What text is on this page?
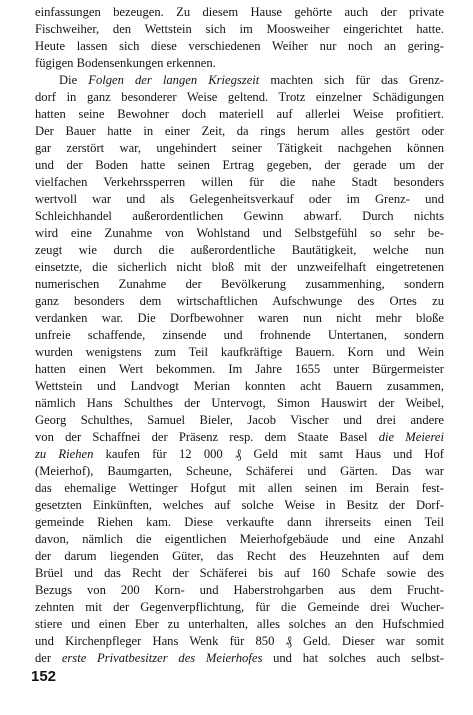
einfassungen bezeugen. Zu diesem Hause gehörte auch der private
Fischweiher, den Wettstein sich im Moosweiher eingerichtet hatte.
Heute lassen sich diese verschiedenen Weiher nur noch an gering-
fügigen Bodensenkungen erkennen.
Die Folgen der langen Kriegszeit machten sich für das Grenz-
dorf in ganz besonderer Weise geltend. Trotz einzelner Schädigungen
hatten seine Bewohner doch materiell auf allerlei Weise profitiert.
Der Bauer hatte in einer Zeit, da rings herum alles gestört oder
gar zerstört war, ungehindert seiner Tätigkeit nachgehen können
und der Boden hatte seinen Ertrag gegeben, der gerade um der
vielfachen Verkehrssperren willen für die nahe Stadt besonders
wertvoll war und als Gelegenheitsverkauf oder im Grenz- und
Schleichhandel außerordentlichen Gewinn abwarf. Durch nichts
wird eine Zunahme von Wohlstand und Selbstgefühl so sehr be-
zeugt wie durch die außerordentliche Bautätigkeit, welche nun
einsetzte, die sicherlich nicht bloß mit der unzweifelhaft eingetretenen
numerischen Zunahme der Bevölkerung zusammenhing, sondern
ganz besonders dem wirtschaftlichen Aufschwunge des Ortes zu
verdanken war. Die Dorfbewohner waren nun nicht mehr bloße
unfreie schaffende, zinsende und frohnende Untertanen, sondern
wurden wenigstens zum Teil kaufkräftige Bauern. Korn und Wein
hatten einen Wert bekommen. Im Jahre 1655 unter Bürgermeister
Wettstein und Landvogt Merian konnten acht Bauern zusammen,
nämlich Hans Schulthes der Untervogt, Simon Hauswirt der Weibel,
Georg Schulthes, Samuel Bieler, Jacob Vischer und drei andere
von der Schaffnei der Präsenz resp. dem Staate Basel die Meierei
zu Riehen kaufen für 12 000 ₰ Geld mit samt Haus und Hof
(Meierhof), Baumgarten, Scheune, Schäferei und Gärten. Das war
das ehemalige Wettinger Hofgut mit allen seinen im Berain fest-
gesetzten Einkünften, welches auf solche Weise in Besitz der Dorf-
gemeinde Riehen kam. Diese verkaufte dann ihrerseits einen Teil
davon, nämlich die eigentlichen Meierhofgebäude und eine Anzahl
der darum liegenden Güter, das Recht des Heuzehnten auf dem
Brüel und das Recht der Schäferei bis auf 160 Schafe sowie des
Bezugs von 200 Korn- und Haberstrohgarben aus dem Frucht-
zehnten mit der Gegenverpflichtung, für die Gemeinde drei Wucher-
stiere und einen Eber zu unterhalten, alles solches an den Hufschmied
und Kirchenpfleger Hans Wenk für 850 ₰ Geld. Dieser war somit
der erste Privatbesitzer des Meierhofes und hat solches auch selbst-
152
